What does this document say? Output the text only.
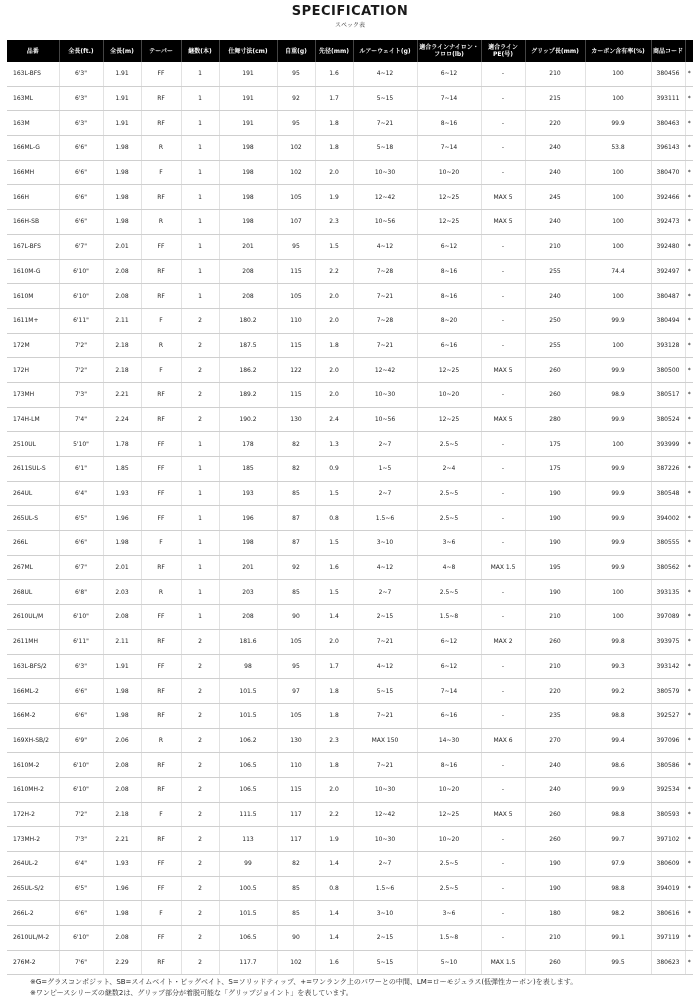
SPECIFICATION
スペック表
品番	全長(ft.)	全長(m)	テーパー	継数(本)	仕舞寸法(cm)	自重(g)	先径(mm)	ルアーウェイト(g)	適合ラインナイロン・フロロ(lb)	適合ライン PE(号)	グリップ長(mm)	カーボン含有率(%)	商品コード	
163L-BFS	6'3"	1.91	FF	1	191	95	1.6	4~12	6~12	-	210	100	380456	*
163ML	6'3"	1.91	RF	1	191	92	1.7	5~15	7~14	-	215	100	393111	*
163M	6'3"	1.91	RF	1	191	95	1.8	7~21	8~16	-	220	99.9	380463	*
166ML-G	6'6"	1.98	R	1	198	102	1.8	5~18	7~14	-	240	53.8	396143	*
166MH	6'6"	1.98	F	1	198	102	2.0	10~30	10~20	-	240	100	380470	*
166H	6'6"	1.98	RF	1	198	105	1.9	12~42	12~25	MAX 5	245	100	392466	*
166H-SB	6'6"	1.98	R	1	198	107	2.3	10~56	12~25	MAX 5	240	100	392473	*
167L-BFS	6'7"	2.01	FF	1	201	95	1.5	4~12	6~12	-	210	100	392480	*
1610M-G	6'10"	2.08	RF	1	208	115	2.2	7~28	8~16	-	255	74.4	392497	*
1610M	6'10"	2.08	RF	1	208	105	2.0	7~21	8~16	-	240	100	380487	*
1611M+	6'11"	2.11	F	2	180.2	110	2.0	7~28	8~20	-	250	99.9	380494	*
172M	7'2"	2.18	R	2	187.5	115	1.8	7~21	6~16	-	255	100	393128	*
172H	7'2"	2.18	F	2	186.2	122	2.0	12~42	12~25	MAX 5	260	99.9	380500	*
173MH	7'3"	2.21	RF	2	189.2	115	2.0	10~30	10~20	-	260	98.9	380517	*
174H-LM	7'4"	2.24	RF	2	190.2	130	2.4	10~56	12~25	MAX 5	280	99.9	380524	*
2510UL	5'10"	1.78	FF	1	178	82	1.3	2~7	2.5~5	-	175	100	393999	*
2611SUL-S	6'1"	1.85	FF	1	185	82	0.9	1~5	2~4	-	175	99.9	387226	*
264UL	6'4"	1.93	FF	1	193	85	1.5	2~7	2.5~5	-	190	99.9	380548	*
265UL-S	6'5"	1.96	FF	1	196	87	0.8	1.5~6	2.5~5	-	190	99.9	394002	*
266L	6'6"	1.98	F	1	198	87	1.5	3~10	3~6	-	190	99.9	380555	*
267ML	6'7"	2.01	RF	1	201	92	1.6	4~12	4~8	MAX 1.5	195	99.9	380562	*
268UL	6'8"	2.03	R	1	203	85	1.5	2~7	2.5~5	-	190	100	393135	*
2610UL/M	6'10"	2.08	FF	1	208	90	1.4	2~15	1.5~8	-	210	100	397089	*
2611MH	6'11"	2.11	RF	2	181.6	105	2.0	7~21	6~12	MAX 2	260	99.8	393975	*
163L-BFS/2	6'3"	1.91	FF	2	98	95	1.7	4~12	6~12	-	210	99.3	393142	*
166ML-2	6'6"	1.98	RF	2	101.5	97	1.8	5~15	7~14	-	220	99.2	380579	*
166M-2	6'6"	1.98	RF	2	101.5	105	1.8	7~21	6~16	-	235	98.8	392527	*
169XH-SB/2	6'9"	2.06	R	2	106.2	130	2.3	MAX 150	14~30	MAX 6	270	99.4	397096	*
1610M-2	6'10"	2.08	RF	2	106.5	110	1.8	7~21	8~16	-	240	98.6	380586	*
1610MH-2	6'10"	2.08	RF	2	106.5	115	2.0	10~30	10~20	-	240	99.9	392534	*
172H-2	7'2"	2.18	F	2	111.5	117	2.2	12~42	12~25	MAX 5	260	98.8	380593	*
173MH-2	7'3"	2.21	RF	2	113	117	1.9	10~30	10~20	-	260	99.7	397102	*
264UL-2	6'4"	1.93	FF	2	99	82	1.4	2~7	2.5~5	-	190	97.9	380609	*
265UL-S/2	6'5"	1.96	FF	2	100.5	85	0.8	1.5~6	2.5~5	-	190	98.8	394019	*
266L-2	6'6"	1.98	F	2	101.5	85	1.4	3~10	3~6	-	180	98.2	380616	*
2610UL/M-2	6'10"	2.08	FF	2	106.5	90	1.4	2~15	1.5~8	-	210	99.1	397119	*
276M-2	7'6"	2.29	RF	2	117.7	102	1.6	5~15	5~10	MAX 1.5	260	99.5	380623	*
※G=グラスコンポジット、SB=スイムベイト・ビッグベイト、S=ソリッドティップ、+=ワンランク上のパワーとの中間、LM=ローモジュラス(低弾性カーボン)を表します。
※ワンピースシリーズの継数2は、グリップ部分が着脱可能な「グリップジョイント」を表しています。
